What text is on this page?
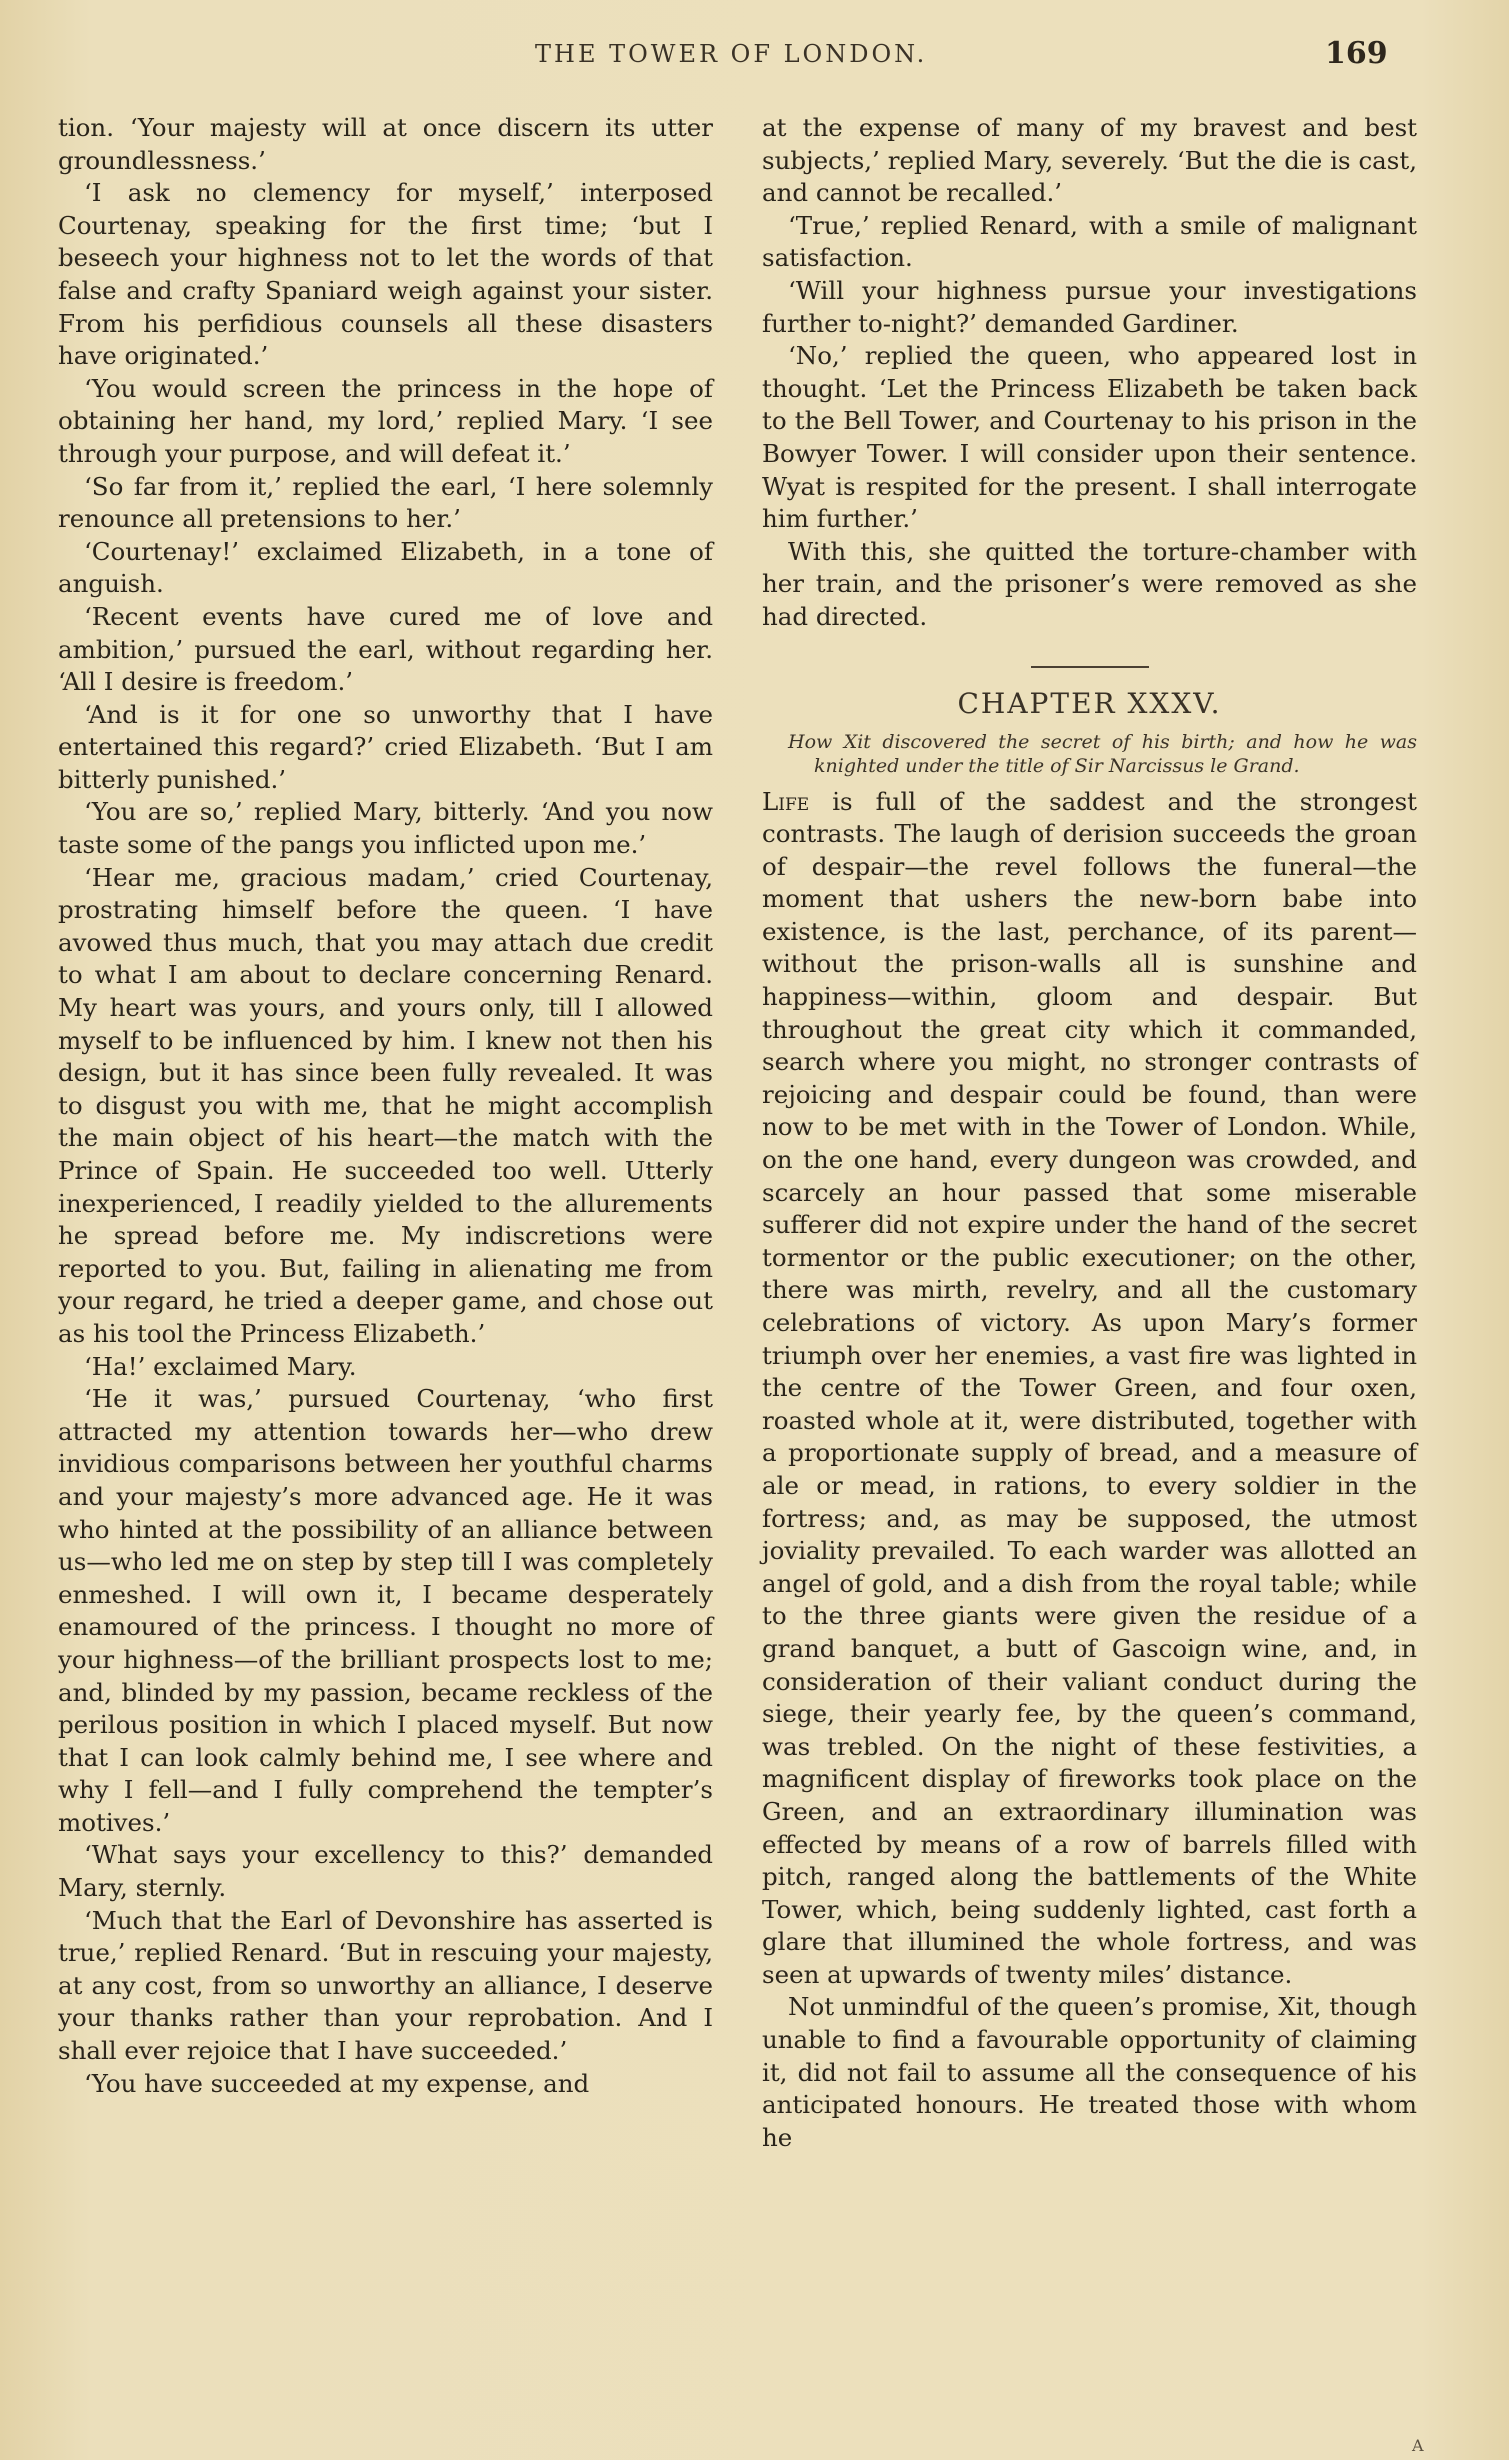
THE TOWER OF LONDON.	169

tion. ‘Your majesty will at once discern its utter groundlessness.’

‘I ask no clemency for myself,’ interposed Courtenay, speaking for the first time; ‘but I beseech your highness not to let the words of that false and crafty Spaniard weigh against your sister. From his perfidious counsels all these disasters have originated.’

‘You would screen the princess in the hope of obtaining her hand, my lord,’ replied Mary. ‘I see through your purpose, and will defeat it.’

‘So far from it,’ replied the earl, ‘I here solemnly renounce all pretensions to her.’

‘Courtenay!’ exclaimed Elizabeth, in a tone of anguish.

‘Recent events have cured me of love and ambition,’ pursued the earl, without regarding her. ‘All I desire is freedom.’

‘And is it for one so unworthy that I have entertained this regard?’ cried Elizabeth. ‘But I am bitterly punished.’

‘You are so,’ replied Mary, bitterly. ‘And you now taste some of the pangs you inflicted upon me.’

‘Hear me, gracious madam,’ cried Courtenay, prostrating himself before the queen. ‘I have avowed thus much, that you may attach due credit to what I am about to declare concerning Renard. My heart was yours, and yours only, till I allowed myself to be influenced by him. I knew not then his design, but it has since been fully revealed. It was to disgust you with me, that he might accomplish the main object of his heart—the match with the Prince of Spain. He succeeded too well. Utterly inexperienced, I readily yielded to the allurements he spread before me. My indiscretions were reported to you. But, failing in alienating me from your regard, he tried a deeper game, and chose out as his tool the Princess Elizabeth.’

‘Ha!’ exclaimed Mary.

‘He it was,’ pursued Courtenay, ‘who first attracted my attention towards her—who drew invidious comparisons between her youthful charms and your majesty’s more advanced age. He it was who hinted at the possibility of an alliance between us—who led me on step by step till I was completely enmeshed. I will own it, I became desperately enamoured of the princess. I thought no more of your highness—of the brilliant prospects lost to me; and, blinded by my passion, became reckless of the perilous position in which I placed myself. But now that I can look calmly behind me, I see where and why I fell—and I fully comprehend the tempter’s motives.’

‘What says your excellency to this?’ demanded Mary, sternly.

‘Much that the Earl of Devonshire has asserted is true,’ replied Renard. ‘But in rescuing your majesty, at any cost, from so unworthy an alliance, I deserve your thanks rather than your reprobation. And I shall ever rejoice that I have succeeded.’

‘You have succeeded at my expense, and

at the expense of many of my bravest and best subjects,’ replied Mary, severely. ‘But the die is cast, and cannot be recalled.’

‘True,’ replied Renard, with a smile of malignant satisfaction.

‘Will your highness pursue your investigations further to-night?’ demanded Gardiner.

‘No,’ replied the queen, who appeared lost in thought. ‘Let the Princess Elizabeth be taken back to the Bell Tower, and Courtenay to his prison in the Bowyer Tower. I will consider upon their sentence. Wyat is respited for the present. I shall interrogate him further.’

With this, she quitted the torture-chamber with her train, and the prisoner’s were removed as she had directed.

CHAPTER XXXV.
How Xit discovered the secret of his birth; and how he was knighted under the title of Sir Narcissus le Grand.

Life is full of the saddest and the strongest contrasts. The laugh of derision succeeds the groan of despair—the revel follows the funeral—the moment that ushers the new-born babe into existence, is the last, perchance, of its parent—without the prison-walls all is sunshine and happiness—within, gloom and despair. But throughout the great city which it commanded, search where you might, no stronger contrasts of rejoicing and despair could be found, than were now to be met with in the Tower of London. While, on the one hand, every dungeon was crowded, and scarcely an hour passed that some miserable sufferer did not expire under the hand of the secret tormentor or the public executioner; on the other, there was mirth, revelry, and all the customary celebrations of victory. As upon Mary’s former triumph over her enemies, a vast fire was lighted in the centre of the Tower Green, and four oxen, roasted whole at it, were distributed, together with a proportionate supply of bread, and a measure of ale or mead, in rations, to every soldier in the fortress; and, as may be supposed, the utmost joviality prevailed. To each warder was allotted an angel of gold, and a dish from the royal table; while to the three giants were given the residue of a grand banquet, a butt of Gascoign wine, and, in consideration of their valiant conduct during the siege, their yearly fee, by the queen’s command, was trebled. On the night of these festivities, a magnificent display of fireworks took place on the Green, and an extraordinary illumination was effected by means of a row of barrels filled with pitch, ranged along the battlements of the White Tower, which, being suddenly lighted, cast forth a glare that illumined the whole fortress, and was seen at upwards of twenty miles’ distance.

Not unmindful of the queen’s promise, Xit, though unable to find a favourable opportunity of claiming it, did not fail to assume all the consequence of his anticipated honours. He treated those with whom he

A
